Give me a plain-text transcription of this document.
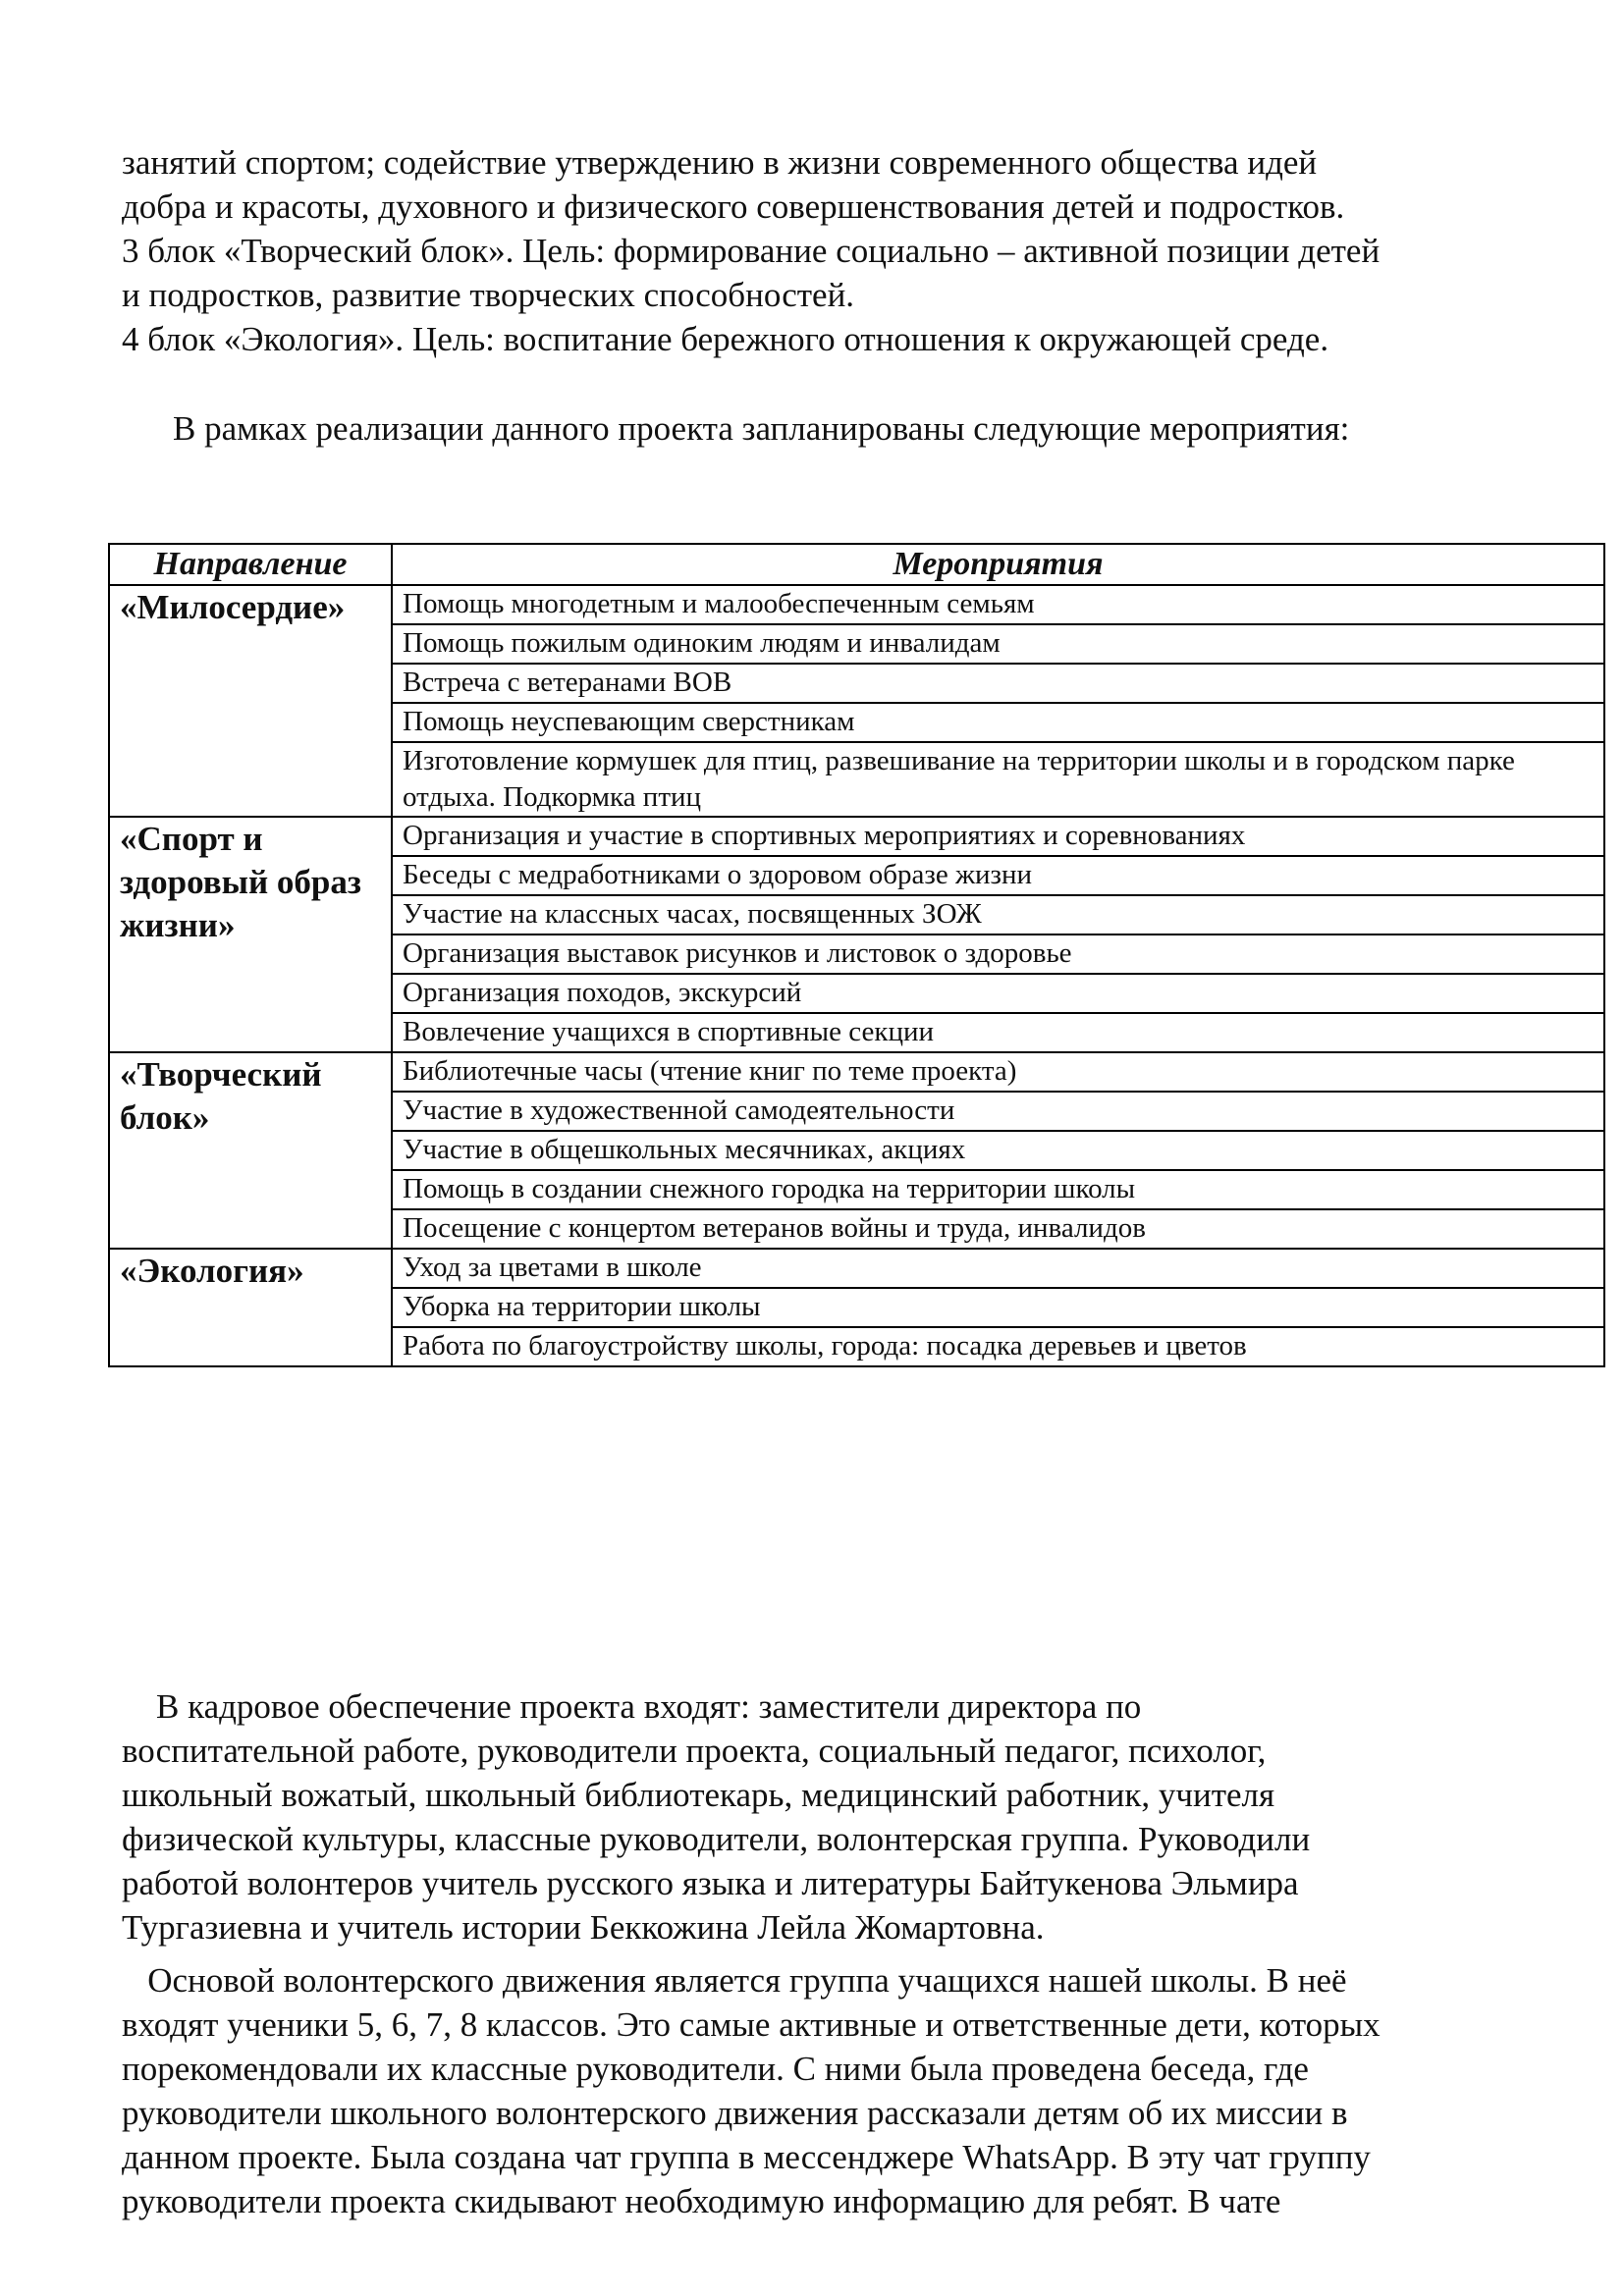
занятий спортом; содействие утверждению в жизни современного общества идей
добра и красоты, духовного и физического совершенствования детей и подростков.
3 блок «Творческий блок». Цель: формирование социально – активной позиции детей
и подростков, развитие творческих способностей.
4 блок «Экология». Цель: воспитание бережного отношения к окружающей среде.

В рамках реализации данного проекта запланированы следующие мероприятия:

Направление	Мероприятия
«Милосердие»	Помощь многодетным и малообеспеченным семьям
	Помощь пожилым одиноким людям и инвалидам
	Встреча с ветеранами ВОВ
	Помощь неуспевающим сверстникам
	Изготовление кормушек для птиц, развешивание на территории школы и в городском парке отдыха. Подкормка птиц
«Спорт и здоровый образ жизни»	Организация и участие в спортивных мероприятиях и соревнованиях
	Беседы с медработниками о здоровом образе жизни
	Участие на классных часах, посвященных ЗОЖ
	Организация выставок рисунков и листовок о здоровье
	Организация походов, экскурсий
	Вовлечение учащихся в спортивные секции
«Творческий блок»	Библиотечные часы (чтение книг по теме проекта)
	Участие в художественной самодеятельности
	Участие в общешкольных месячниках, акциях
	Помощь в создании снежного городка на территории школы
	Посещение с концертом ветеранов войны и труда, инвалидов
«Экология»	Уход за цветами в школе
	Уборка на территории школы
	Работа по благоустройству школы, города: посадка деревьев и цветов
В кадровое обеспечение проекта входят: заместители директора по
воспитательной работе, руководители проекта, социальный педагог, психолог,
школьный вожатый, школьный библиотекарь, медицинский работник, учителя
физической культуры, классные руководители, волонтерская группа. Руководили
работой волонтеров учитель русского языка и литературы Байтукенова Эльмира
Тургазиевна и учитель истории Беккожина Лейла Жомартовна.
Основой волонтерского движения является группа учащихся нашей школы. В неё
входят ученики 5, 6, 7, 8 классов. Это самые активные и ответственные дети, которых
порекомендовали их классные руководители. С ними была проведена беседа, где
руководители школьного волонтерского движения рассказали детям об их миссии в
данном проекте. Была создана чат группа в мессенджере WhatsApp. В эту чат группу
руководители проекта скидывают необходимую информацию для ребят. В чате
